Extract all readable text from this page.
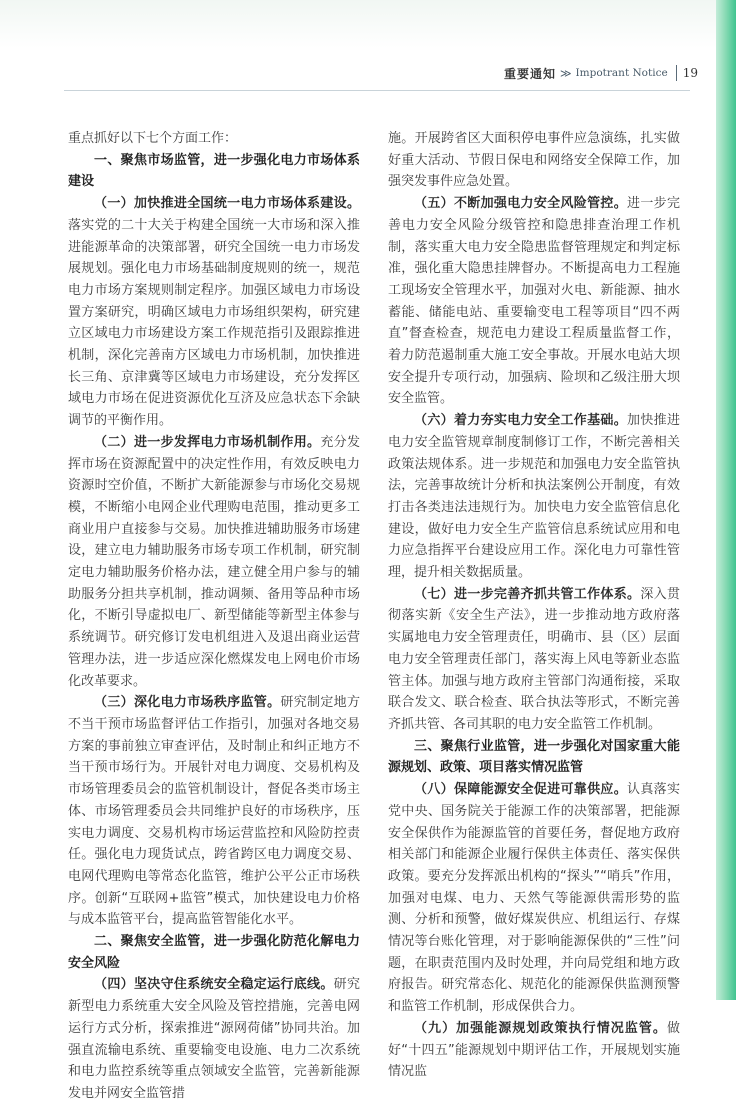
重要通知 ≫ Impotrant Notice 19

重点抓好以下七个方面工作：

一、聚焦市场监管，进一步强化电力市场体系建设

（一）加快推进全国统一电力市场体系建设。落实党的二十大关于构建全国统一大市场和深入推进能源革命的决策部署，研究全国统一电力市场发展规划。强化电力市场基础制度规则的统一，规范电力市场方案规则制定程序。加强区域电力市场设置方案研究，明确区域电力市场组织架构，研究建立区域电力市场建设方案工作规范指引及跟踪推进机制，深化完善南方区域电力市场机制，加快推进长三角、京津冀等区域电力市场建设，充分发挥区域电力市场在促进资源优化互济及应急状态下余缺调节的平衡作用。

（二）进一步发挥电力市场机制作用。充分发挥市场在资源配置中的决定性作用，有效反映电力资源时空价值，不断扩大新能源参与市场化交易规模，不断缩小电网企业代理购电范围，推动更多工商业用户直接参与交易。加快推进辅助服务市场建设，建立电力辅助服务市场专项工作机制，研究制定电力辅助服务价格办法，建立健全用户参与的辅助服务分担共享机制，推动调频、备用等品种市场化，不断引导虚拟电厂、新型储能等新型主体参与系统调节。研究修订发电机组进入及退出商业运营管理办法，进一步适应深化燃煤发电上网电价市场化改革要求。

（三）深化电力市场秩序监管。研究制定地方不当干预市场监督评估工作指引，加强对各地交易方案的事前独立审查评估，及时制止和纠正地方不当干预市场行为。开展针对电力调度、交易机构及市场管理委员会的监管机制设计，督促各类市场主体、市场管理委员会共同维护良好的市场秩序，压实电力调度、交易机构市场运营监控和风险防控责任。强化电力现货试点，跨省跨区电力调度交易、电网代理购电等常态化监管，维护公平公正市场秩序。创新“互联网+监管”模式，加快建设电力价格与成本监管平台，提高监管智能化水平。

二、聚焦安全监管，进一步强化防范化解电力安全风险

（四）坚决守住系统安全稳定运行底线。研究新型电力系统重大安全风险及管控措施，完善电网运行方式分析，探索推进“源网荷储”协同共治。加强直流输电系统、重要输变电设施、电力二次系统和电力监控系统等重点领域安全监管，完善新能源发电并网安全监管措

施。开展跨省区大面积停电事件应急演练，扎实做好重大活动、节假日保电和网络安全保障工作，加强突发事件应急处置。

（五）不断加强电力安全风险管控。进一步完善电力安全风险分级管控和隐患排查治理工作机制，落实重大电力安全隐患监督管理规定和判定标准，强化重大隐患挂牌督办。不断提高电力工程施工现场安全管理水平，加强对火电、新能源、抽水蓄能、储能电站、重要输变电工程等项目“四不两直”督查检查，规范电力建设工程质量监督工作，着力防范遏制重大施工安全事故。开展水电站大坝安全提升专项行动，加强病、险坝和乙级注册大坝安全监管。

（六）着力夯实电力安全工作基础。加快推进电力安全监管规章制度制修订工作，不断完善相关政策法规体系。进一步规范和加强电力安全监管执法，完善事故统计分析和执法案例公开制度，有效打击各类违法违规行为。加快电力安全监管信息化建设，做好电力安全生产监管信息系统试应用和电力应急指挥平台建设应用工作。深化电力可靠性管理，提升相关数据质量。

（七）进一步完善齐抓共管工作体系。深入贯彻落实新《安全生产法》，进一步推动地方政府落实属地电力安全管理责任，明确市、县（区）层面电力安全管理责任部门，落实海上风电等新业态监管主体。加强与地方政府主管部门沟通衔接，采取联合发文、联合检查、联合执法等形式，不断完善齐抓共管、各司其职的电力安全监管工作机制。

三、聚焦行业监管，进一步强化对国家重大能源规划、政策、项目落实情况监管

（八）保障能源安全促进可靠供应。认真落实党中央、国务院关于能源工作的决策部署，把能源安全保供作为能源监管的首要任务，督促地方政府相关部门和能源企业履行保供主体责任、落实保供政策。要充分发挥派出机构的“探头”“哨兵”作用，加强对电煤、电力、天然气等能源供需形势的监测、分析和预警，做好煤炭供应、机组运行、存煤情况等台账化管理，对于影响能源保供的“三性”问题，在职责范围内及时处理，并向局党组和地方政府报告。研究常态化、规范化的能源保供监测预警和监管工作机制，形成保供合力。

（九）加强能源规划政策执行情况监管。做好“十四五”能源规划中期评估工作，开展规划实施情况监
